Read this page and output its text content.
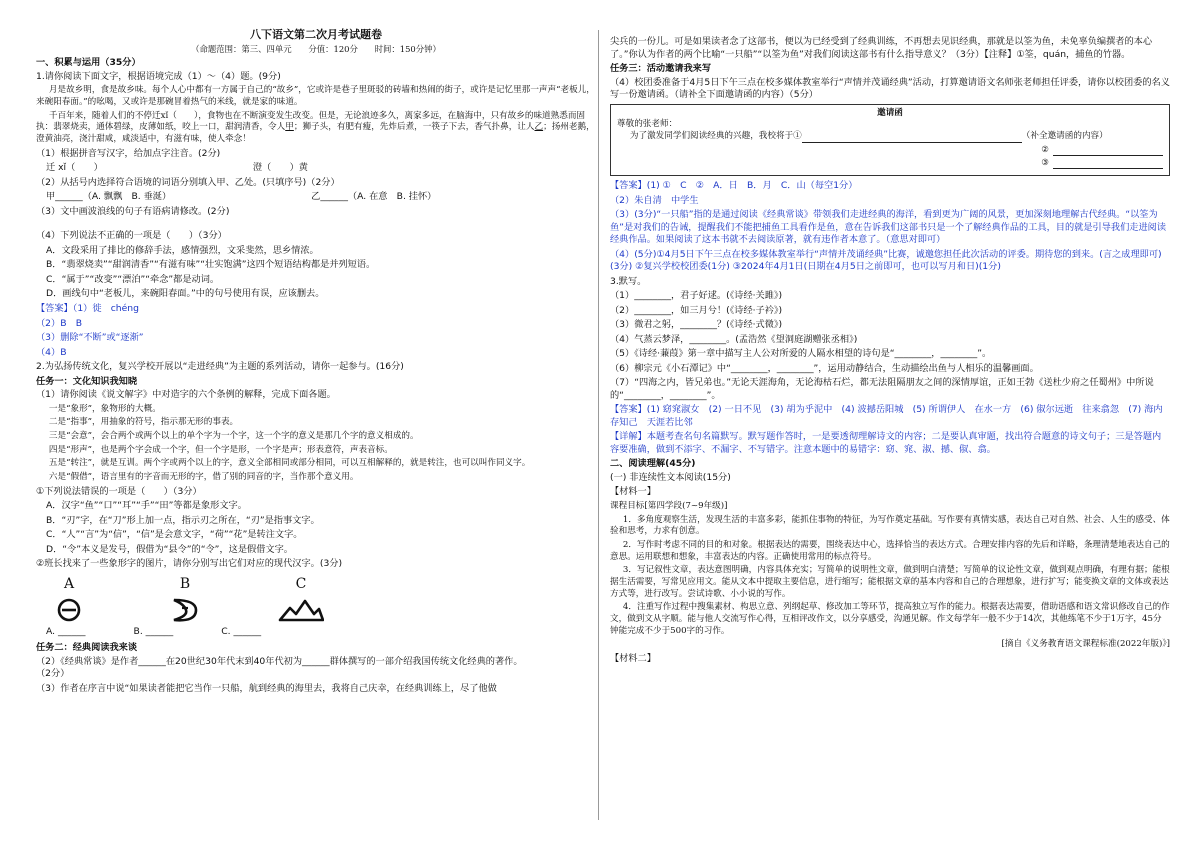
八下语文第二次月考试题卷
（命题范围：第三、四单元　　分值：120分　　时间：150分钟）
一、积累与运用（35分）
1.请你阅读下面文字，根据语境完成（1）～（4）题。(9分)
月是故乡明，食是故乡味。每个人心中都有一方属于自己的“故乡”，它或许是巷子里斑驳的砖墙和热闹的街子，或许是记忆里那一声声“老板儿，来碗阳春面。”的吆喝，又或许是那碗冒着热气的米线，就是家的味道。
千百年来，随着人们的不停迁xǐ（　　），食物也在不断演变发生改变。但是，无论浪迹多久，离家多远，在脑海中，只有故乡的味道熟悉而固执：翡翠烧卖，通体碧绿，皮薄如纸，咬上一口，甜润清香，令人甲；狮子头，有肥有瘦，先炸后煮，一筷子下去，香气扑鼻，让人乙；扬州老鹅，澄黄油亮，浇汁甜咸，咸淡适中，有滋有味，使人牵念！
（1）根据拼音写汉字，给加点字注音。(2分)
迁 xǐ（　　）	澄（　　）黄
（2）从括号内选择符合语境的词语分别填入甲、乙处。(只填序号)（2分）
甲______（A. 飘飘　B. 垂涎）	乙______（A. 在意　B. 挂怀）
（3）文中画波浪线的句子有语病请修改。(2分)
（4）下列说法不正确的一项是（　　）（3分）
A．文段采用了排比的修辞手法，感情强烈，文采斐然，思乡情浓。
B．“翡翠烧卖”“甜润清香”“有滋有味”“壮实饱满”这四个短语结构都是并列短语。
C．“属于”“改变”“漂泊”“牵念”都是动词。
D．画线句中“老板儿，来碗阳春面。”中的句号使用有误，应该删去。
【答案】（1）徙　chéng
（2）B　B
（3）删除“不断”或“逐渐”
（4）B
2.为弘扬传统文化，复兴学校开展以“走进经典”为主题的系列活动，请你一起参与。(16分)
任务一：文化知识我知晓
（1）请你阅读《说文解字》中对造字的六个条例的解释，完成下面各题。
一是“象形”，象物形的大概。
二是“指事”，用抽象的符号，指示那无形的事表。
三是“会意”，会合两个或两个以上的单个字为一个字，这一个字的意义是那几个字的意义相成的。
四是“形声”，也是两个字会成一个字，但一个字是形，一个字是声；形表意符，声表音标。
五是“转注”，就是互训。两个字或两个以上的字，意义全部相同或部分相同，可以互相解释的，就是转注，也可以叫作同义字。
六是“假借”，语言里有的字音而无形的字，借了别的同音的字，当作那个意义用。
①下列说法错误的一项是（　　）（3分）
A．汉字“鱼”“口”“耳”“手”“田”等都是象形文字。
B．“刃”字，在“刀”形上加一点，指示刃之所在，“刃”是指事文字。
C．“人”“言”为“信”，“信”是会意文字，“荷”“花”是转注文字。
D．“令”本义是发号，假借为“县令”的“令”，这是假借文字。
②班长找来了一些象形字的图片，请你分别写出它们对应的现代汉字。(3分)
A	B	C
A. ______	B. ______	C. ______
任务二：经典阅读我来谈
（2）《经典常谈》是作者______在20世纪30年代末到40年代初为______群体撰写的一部介绍我国传统文化经典的著作。
（2分）
（3）作者在序言中说“如果读者能把它当作一只船，航到经典的海里去，我将自己庆幸，在经典训练上，尽了他做
尖兵的一份儿。可是如果读者念了这部书，便以为已经受到了经典训练，不再想去见识经典，那就是以筌为鱼，未免辜负编撰者的本心了。”你认为作者的两个比喻“一只船”“以筌为鱼”对我们阅读这部书有什么指导意义？（3分）【注释】①筌，quán，捕鱼的竹器。
任务三：活动邀请我来写
（4）校团委准备于4月5日下午三点在校多媒体教室举行“声情并茂诵经典”活动，打算邀请语文名师张老师担任评委，请你以校团委的名义写一份邀请函。（请补全下面邀请函的内容）（5分）
邀请函
尊敬的张老师：
为了激发同学们阅读经典的兴趣，我校将于①	（补全邀请函的内容）
②
③
【答案】(1) ①　C　②　A．日　B．月　C．山（每空1分）
（2）朱自清　中学生
（3）(3分)“一只船”指的是通过阅读《经典常谈》带领我们走进经典的海洋，看到更为广阔的风景，更加深刻地理解古代经典。“以筌为鱼”是对我们的告诫，提醒我们不能把捕鱼工具看作是鱼，意在告诉我们这部书只是一个了解经典作品的工具，目的就是引导我们走进阅读经典作品。如果阅读了这本书就不去阅读原著，就有违作者本意了。（意思对即可）
（4）(5分)①4月5日下午三点在校多媒体教室举行“声情并茂诵经典”比赛，诚邀您担任此次活动的评委。期待您的到来。(言之成理即可)(3分) ②复兴学校校团委(1分) ③2024年4月1日(日期在4月5日之前即可，也可以写月和日)(1分)
3.默写。
（1）________，君子好逑。(《诗经·关雎》)
（2）________，如三月兮！(《诗经·子衿》)
（3）微君之躬，________？(《诗经·式微》)
（4）气蒸云梦泽，________。(孟浩然《望洞庭湖赠张丞相》)
（5）《诗经·蒹葭》第一章中描写主人公对所爱的人隔水相望的诗句是“________，________”。
（6）柳宗元《小石潭记》中“________，________”，运用动静结合，生动描绘出鱼与人相乐的温馨画面。
（7）“四海之内，皆兄弟也。”无论天涯海角，无论海枯石烂，都无法阻隔朋友之间的深情厚谊，正如王勃《送杜少府之任蜀州》中所说的“________，________”。
【答案】(1) 窈窕淑女　(2) 一日不见　(3) 胡为乎泥中　(4) 波撼岳阳城　(5) 所谓伊人　在水一方　(6) 俶尔远逝　往来翕忽　(7) 海内存知己　天涯若比邻
【详解】本题考查名句名篇默写。默写题作答时，一是要透彻理解诗文的内容；二是要认真审题，找出符合题意的诗文句子；三是答题内容要准确，做到不添字、不漏字、不写错字。注意本题中的易错字：窈、窕、淑、撼、俶、翕。
二、阅读理解(45分)
(一) 非连续性文本阅读(15分)
【材料一】
课程目标[第四学段(7~9年级)]
1．多角度观察生活，发现生活的丰富多彩，能抓住事物的特征，为写作奠定基础。写作要有真情实感，表达自己对自然、社会、人生的感受、体验和思考，力求有创意。
2．写作时考虑不同的目的和对象。根据表达的需要，围绕表达中心，选择恰当的表达方式。合理安排内容的先后和详略，条理清楚地表达自己的意思。运用联想和想象，丰富表达的内容。正确使用常用的标点符号。
3．写记叙性文章，表达意图明确，内容具体充实；写简单的说明性文章，做到明白清楚；写简单的议论性文章，做到观点明确，有理有据；能根据生活需要，写常见应用文。能从文本中提取主要信息，进行缩写；能根据文章的基本内容和自己的合理想象，进行扩写；能变换文章的文体或表达方式等，进行改写。尝试诗歌、小小说的写作。
4．注重写作过程中搜集素材、构思立意、列纲起草、修改加工等环节，提高独立写作的能力。根据表达需要，借助语感和语文常识修改自己的作文，做到文从字顺。能与他人交流写作心得，互相评改作文，以分享感受，沟通见解。作文每学年一般不少于14次，其他练笔不少于1万字，45分钟能完成不少于500字的习作。
[摘自《义务教育语文课程标准(2022年版)》]
【材料二】
